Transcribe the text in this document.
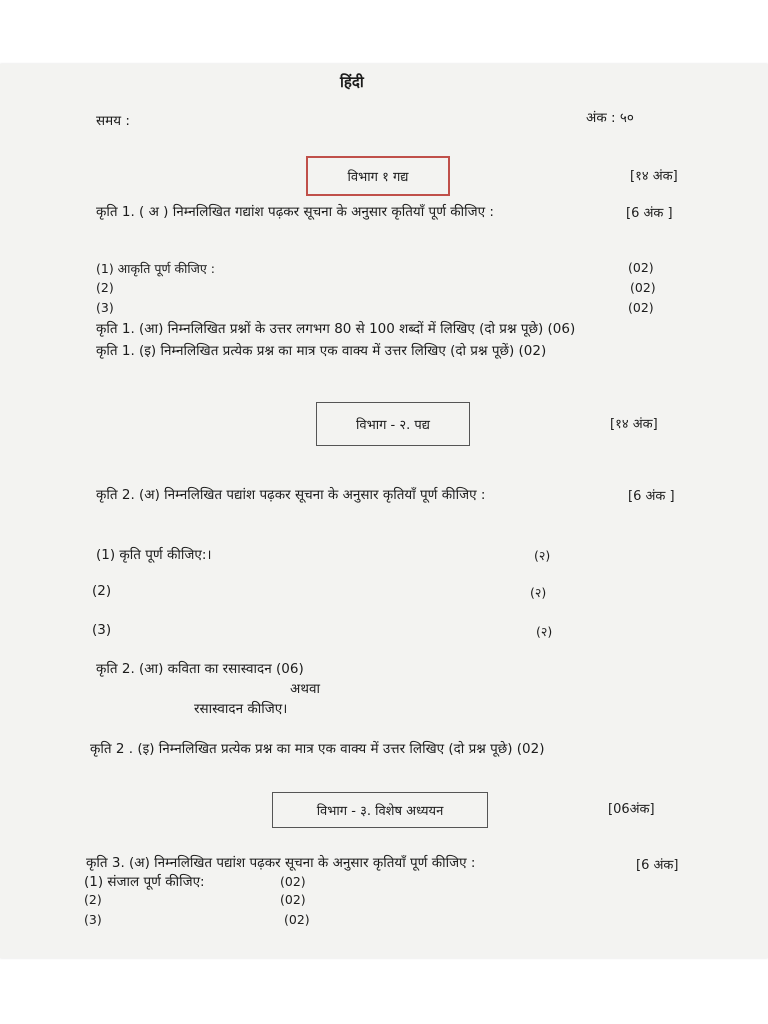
हिंदी
समय :	अंक : ५०
विभाग १ गद्य	[१४ अंक]
कृति 1. ( अ ) निम्नलिखित गद्यांश पढ़कर सूचना के अनुसार कृतियाँ पूर्ण कीजिए :	[6 अंक ]
(1) आकृति पूर्ण कीजिए :	(02)
(2)	(02)
(3)	(02)
कृति 1. (आ) निम्नलिखित प्रश्नों के उत्तर लगभग 80 से 100 शब्दों में लिखिए (दो प्रश्न पूछे) (06)
कृति 1. (इ) निम्नलिखित प्रत्येक प्रश्न का मात्र एक वाक्य में उत्तर लिखिए (दो प्रश्न पूछें) (02)
विभाग - २. पद्य	[१४ अंक]
कृति 2. (अ) निम्नलिखित पद्यांश पढ़कर सूचना के अनुसार कृतियाँ पूर्ण कीजिए :	[6 अंक ]
(1) कृति पूर्ण कीजिए:।	(२)
(2)	(२)
(3)	(२)
कृति 2. (आ) कविता का रसास्वादन (06)
अथवा
रसास्वादन कीजिए।
कृति 2 . (इ) निम्नलिखित प्रत्येक प्रश्न का मात्र एक वाक्य में उत्तर लिखिए (दो प्रश्न पूछे) (02)
विभाग - ३. विशेष अध्ययन	[06अंक]
कृति 3. (अ) निम्नलिखित पद्यांश पढ़कर सूचना के अनुसार कृतियाँ पूर्ण कीजिए :	[6 अंक]
(1) संजाल पूर्ण कीजिए:	(02)
(2)	(02)
(3)	(02)
